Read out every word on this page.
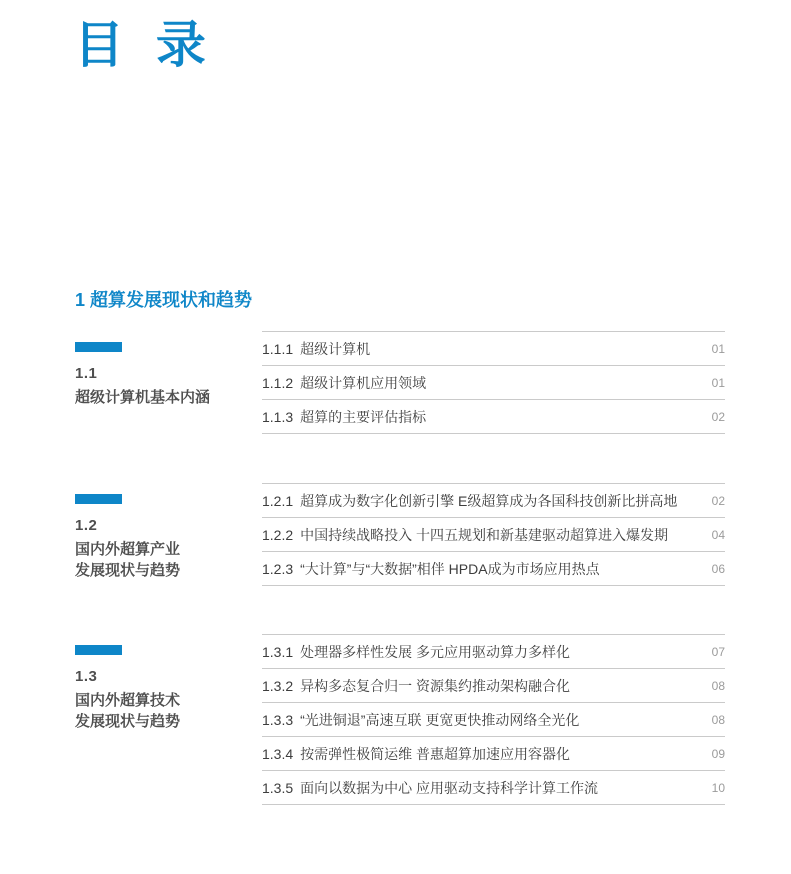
目 录
1 超算发展现状和趋势
1.1
超级计算机基本内涵
1.1.1 超级计算机	01
1.1.2 超级计算机应用领域	01
1.1.3 超算的主要评估指标	02
1.2
国内外超算产业
发展现状与趋势
1.2.1 超算成为数字化创新引擎 E级超算成为各国科技创新比拼高地	02
1.2.2 中国持续战略投入 十四五规划和新基建驱动超算进入爆发期	04
1.2.3 “大计算”与“大数据”相伴 HPDA成为市场应用热点	06
1.3
国内外超算技术
发展现状与趋势
1.3.1 处理器多样性发展 多元应用驱动算力多样化	07
1.3.2 异构多态复合归一 资源集约推动架构融合化	08
1.3.3 “光进铜退”高速互联 更宽更快推动网络全光化	08
1.3.4 按需弹性极简运维 普惠超算加速应用容器化	09
1.3.5 面向以数据为中心 应用驱动支持科学计算工作流	10
